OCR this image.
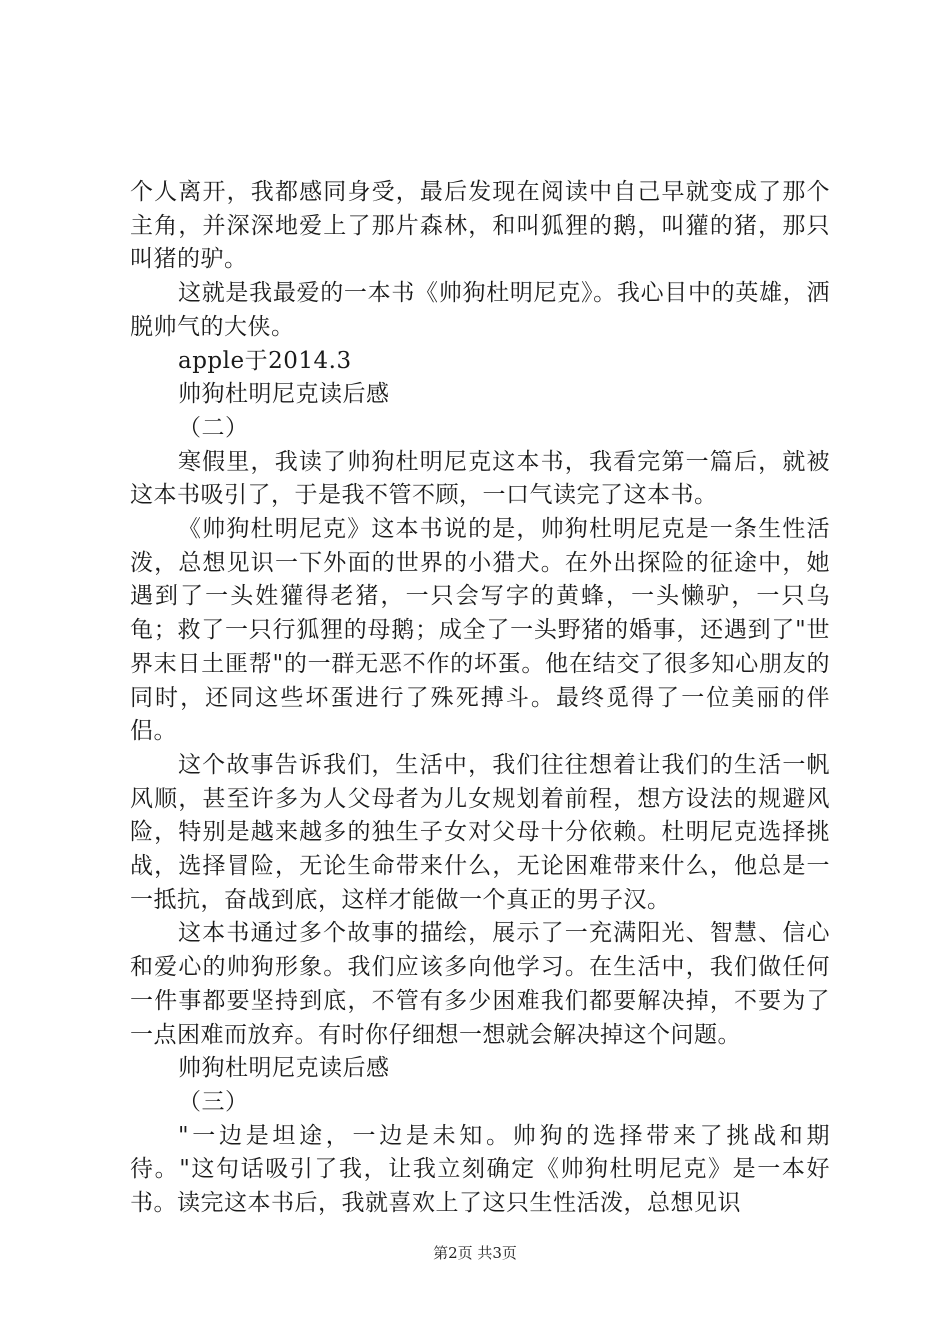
个人离开，我都感同身受，最后发现在阅读中自己早就变成了那个主角，并深深地爱上了那片森林，和叫狐狸的鹅，叫獾的猪，那只叫猪的驴。

这就是我最爱的一本书《帅狗杜明尼克》。我心目中的英雄，洒脱帅气的大侠。

apple于2014.3

帅狗杜明尼克读后感

（二）

寒假里，我读了帅狗杜明尼克这本书，我看完第一篇后，就被这本书吸引了，于是我不管不顾，一口气读完了这本书。

《帅狗杜明尼克》这本书说的是，帅狗杜明尼克是一条生性活泼，总想见识一下外面的世界的小猎犬。在外出探险的征途中，她遇到了一头姓獾得老猪，一只会写字的黄蜂，一头懒驴，一只乌龟；救了一只行狐狸的母鹅；成全了一头野猪的婚事，还遇到了"世界末日土匪帮"的一群无恶不作的坏蛋。他在结交了很多知心朋友的同时，还同这些坏蛋进行了殊死搏斗。最终觅得了一位美丽的伴侣。

这个故事告诉我们，生活中，我们往往想着让我们的生活一帆风顺，甚至许多为人父母者为儿女规划着前程，想方设法的规避风险，特别是越来越多的独生子女对父母十分依赖。杜明尼克选择挑战，选择冒险，无论生命带来什么，无论困难带来什么，他总是一一抵抗，奋战到底，这样才能做一个真正的男子汉。

这本书通过多个故事的描绘，展示了一充满阳光、智慧、信心和爱心的帅狗形象。我们应该多向他学习。在生活中，我们做任何一件事都要坚持到底，不管有多少困难我们都要解决掉，不要为了一点困难而放弃。有时你仔细想一想就会解决掉这个问题。

帅狗杜明尼克读后感

（三）

"一边是坦途，一边是未知。帅狗的选择带来了挑战和期待。"这句话吸引了我，让我立刻确定《帅狗杜明尼克》是一本好书。读完这本书后，我就喜欢上了这只生性活泼，总想见识

第2页 共3页
